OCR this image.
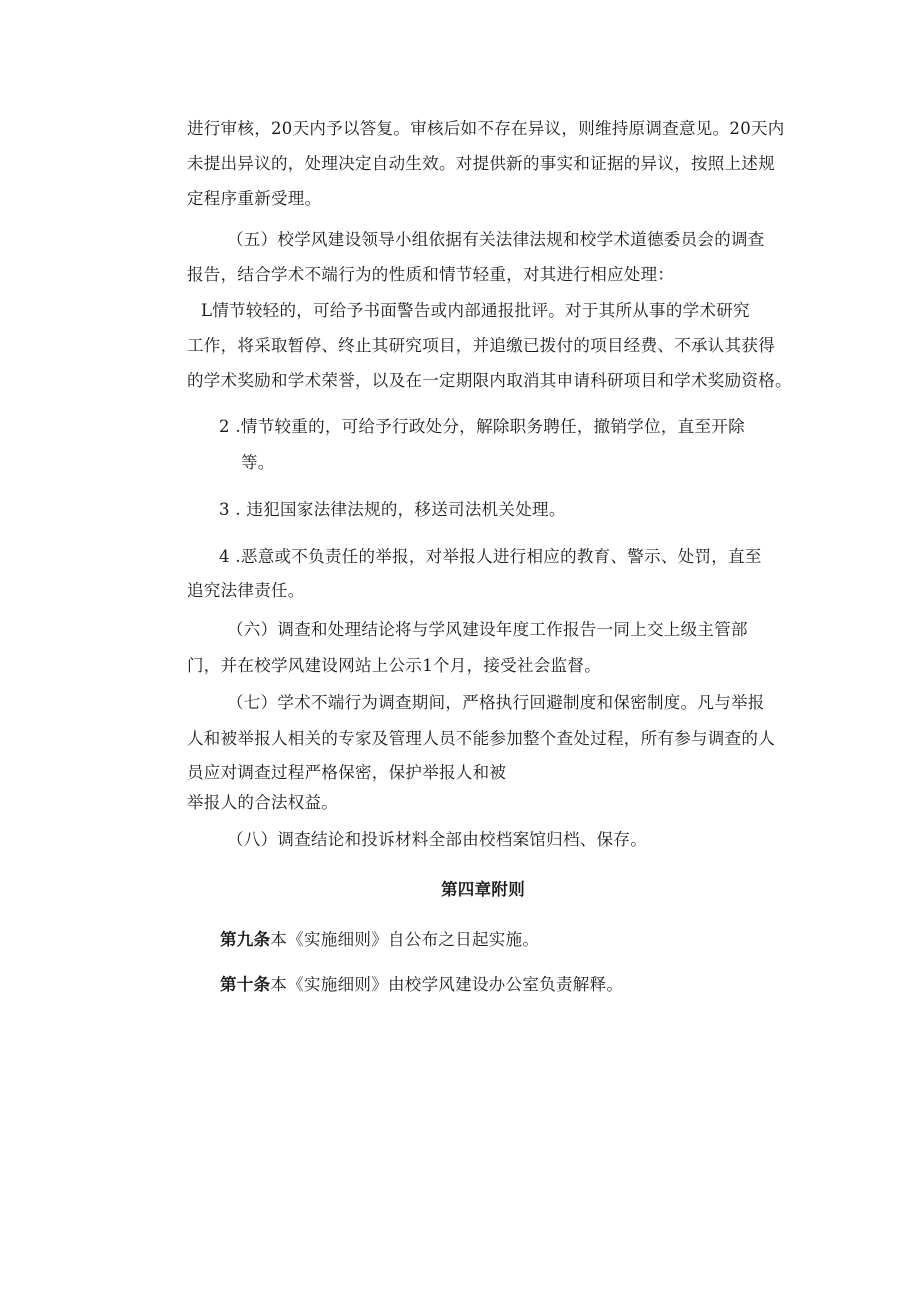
进行审核，20天内予以答复。审核后如不存在异议，则维持原调查意见。20天内
未提出异议的，处理决定自动生效。对提供新的事实和证据的异议，按照上述规
定程序重新受理。
（五）校学风建设领导小组依据有关法律法规和校学术道德委员会的调查
报告，结合学术不端行为的性质和情节轻重，对其进行相应处理：
L情节较轻的，可给予书面警告或内部通报批评。对于其所从事的学术研究
工作，将采取暂停、终止其研究项目，并追缴已拨付的项目经费、不承认其获得
的学术奖励和学术荣誉，以及在一定期限内取消其申请科研项目和学术奖励资格。
2 .情节较重的，可给予行政处分，解除职务聘任，撤销学位，直至开除
等。
3 . 违犯国家法律法规的，移送司法机关处理。
4 .恶意或不负责任的举报，对举报人进行相应的教育、警示、处罚，直至
追究法律责任。
（六）调查和处理结论将与学风建设年度工作报告一同上交上级主管部
门，并在校学风建设网站上公示1个月，接受社会监督。
（七）学术不端行为调查期间，严格执行回避制度和保密制度。凡与举报
人和被举报人相关的专家及管理人员不能参加整个查处过程，所有参与调查的人
员应对调查过程严格保密，保护举报人和被
举报人的合法权益。
（八）调查结论和投诉材料全部由校档案馆归档、保存。
第四章附则
第九条本《实施细则》自公布之日起实施。
第十条本《实施细则》由校学风建设办公室负责解释。
